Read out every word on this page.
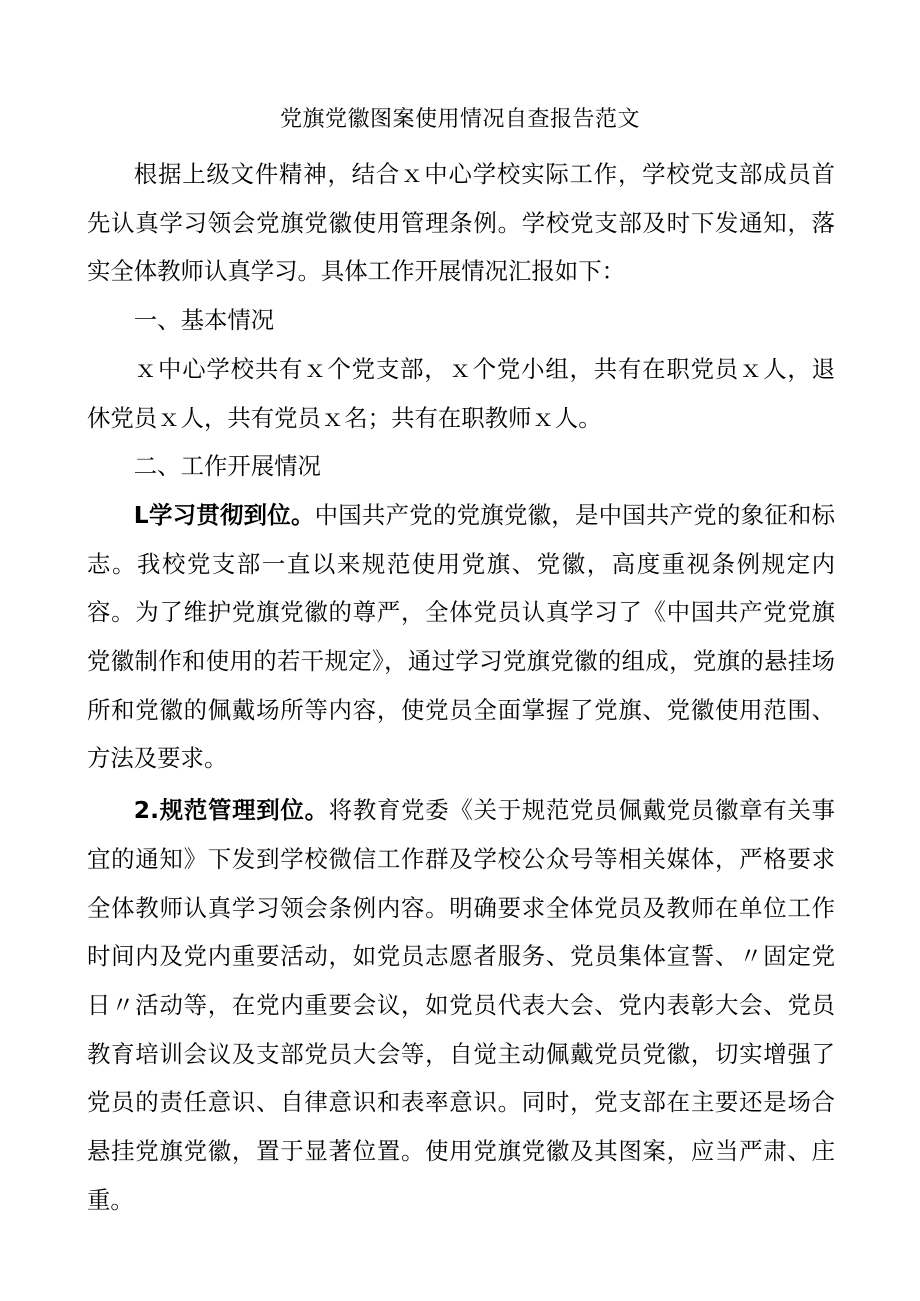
党旗党徽图案使用情况自查报告范文

根据上级文件精神，结合ｘ中心学校实际工作，学校党支部成员首先认真学习领会党旗党徽使用管理条例。学校党支部及时下发通知，落实全体教师认真学习。具体工作开展情况汇报如下：

一、基本情况

ｘ中心学校共有ｘ个党支部，ｘ个党小组，共有在职党员ｘ人，退休党员ｘ人，共有党员ｘ名；共有在职教师ｘ人。

二、工作开展情况

L学习贯彻到位。中国共产党的党旗党徽，是中国共产党的象征和标志。我校党支部一直以来规范使用党旗、党徽，高度重视条例规定内容。为了维护党旗党徽的尊严，全体党员认真学习了《中国共产党党旗党徽制作和使用的若干规定》，通过学习党旗党徽的组成，党旗的悬挂场所和党徽的佩戴场所等内容，使党员全面掌握了党旗、党徽使用范围、方法及要求。

2.规范管理到位。将教育党委《关于规范党员佩戴党员徽章有关事宜的通知》下发到学校微信工作群及学校公众号等相关媒体，严格要求全体教师认真学习领会条例内容。明确要求全体党员及教师在单位工作时间内及党内重要活动，如党员志愿者服务、党员集体宣誓、〃固定党日〃活动等，在党内重要会议，如党员代表大会、党内表彰大会、党员教育培训会议及支部党员大会等，自觉主动佩戴党员党徽，切实增强了党员的责任意识、自律意识和表率意识。同时，党支部在主要还是场合悬挂党旗党徽，置于显著位置。使用党旗党徽及其图案，应当严肃、庄重。
